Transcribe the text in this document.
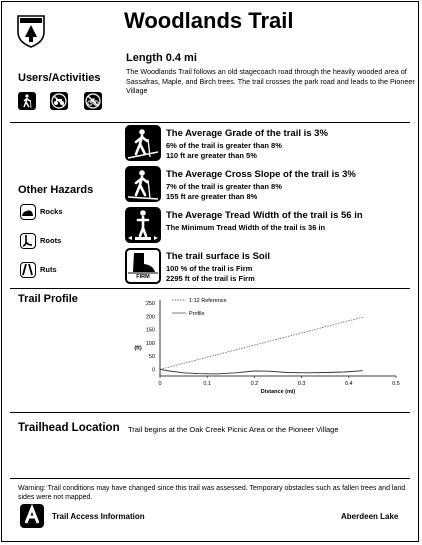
Woodlands Trail
Length 0.4 mi
The Woodlands Trail follows an old stagecoach road through the heavily wooded area of Sassafras, Maple, and Birch trees. The trail crosses the park road and leads to the Pioneer Village
Users/Activities
The Average Grade of the trail is 3%
6% of the trail is greater than 8%
110 ft are greater than 5%
The Average Cross Slope of the trail is 3%
7% of the trail is greater than 8%
155 ft are greater than 8%
The Average Tread Width of the trail is 56 in
The Minimum Tread Width of the trail is 36 in
FIRM
The trail surface is Soil
100 % of the trail is Firm
2295 ft of the trail is Firm
Other Hazards
Rocks
Roots
Ruts
Trail Profile	250
200
150
100
50
0
0	0.1	0.2	0.3	0.4	0.5
Distance (mi)
(ft)
1:12 Reference
Profile
Trailhead Location Trail begins at the Oak Creek Picnic Area or the Pioneer Village
Warning: Trail conditions may have changed since this trail was assessed. Temporary obstacles such as fallen trees and land sides were not mapped.
Trail Access Information	Aberdeen Lake
